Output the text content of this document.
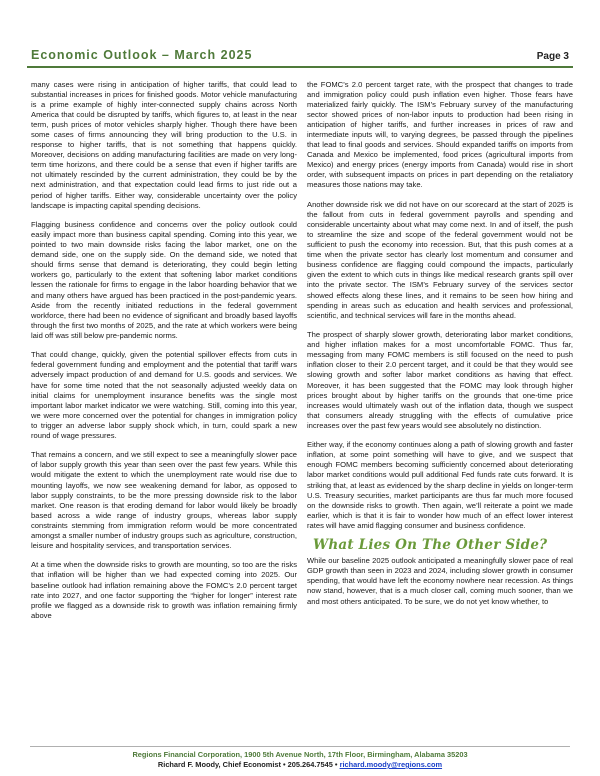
Economic Outlook – March 2025	Page 3

many cases were rising in anticipation of higher tariffs, that could lead to substantial increases in prices for finished goods. Motor vehicle manufacturing is a prime example of highly inter-connected supply chains across North America that could be disrupted by tariffs, which figures to, at least in the near term, push prices of motor vehicles sharply higher. Though there have been some cases of firms announcing they will bring production to the U.S. in response to higher tariffs, that is not something that happens quickly. Moreover, decisions on adding manufacturing facilities are made on very long-term time horizons, and there could be a sense that even if higher tariffs are not ultimately rescinded by the current administration, they could be by the next administration, and that expectation could lead firms to just ride out a period of higher tariffs. Either way, considerable uncertainty over the policy landscape is impacting capital spending decisions.

Flagging business confidence and concerns over the policy outlook could easily impact more than business capital spending. Coming into this year, we pointed to two main downside risks facing the labor market, one on the demand side, one on the supply side. On the demand side, we noted that should firms sense that demand is deteriorating, they could begin letting workers go, particularly to the extent that softening labor market conditions lessen the rationale for firms to engage in the labor hoarding behavior that we and many others have argued has been practiced in the post-pandemic years. Aside from the recently initiated reductions in the federal government workforce, there had been no evidence of significant and broadly based layoffs through the first two months of 2025, and the rate at which workers were being laid off was still below pre-pandemic norms.

That could change, quickly, given the potential spillover effects from cuts in federal government funding and employment and the potential that tariff wars adversely impact production of and demand for U.S. goods and services. We have for some time noted that the not seasonally adjusted weekly data on initial claims for unemployment insurance benefits was the single most important labor market indicator we were watching. Still, coming into this year, we were more concerned over the potential for changes in immigration policy to trigger an adverse labor supply shock which, in turn, could spark a new round of wage pressures.

That remains a concern, and we still expect to see a meaningfully slower pace of labor supply growth this year than seen over the past few years. While this would mitigate the extent to which the unemployment rate would rise due to mounting layoffs, we now see weakening demand for labor, as opposed to labor supply constraints, to be the more pressing downside risk to the labor market. One reason is that eroding demand for labor would likely be broadly based across a wide range of industry groups, whereas labor supply constraints stemming from immigration reform would be more concentrated amongst a smaller number of industry groups such as agriculture, construction, leisure and hospitality services, and transportation services.

At a time when the downside risks to growth are mounting, so too are the risks that inflation will be higher than we had expected coming into 2025. Our baseline outlook had inflation remaining above the FOMC’s 2.0 percent target rate into 2027, and one factor supporting the “higher for longer” interest rate profile we flagged as a downside risk to growth was inflation remaining firmly above

the FOMC’s 2.0 percent target rate, with the prospect that changes to trade and immigration policy could push inflation even higher. Those fears have materialized fairly quickly. The ISM’s February survey of the manufacturing sector showed prices of non-labor inputs to production had been rising in anticipation of higher tariffs, and further increases in prices of raw and intermediate inputs will, to varying degrees, be passed through the pipelines that lead to final goods and services. Should expanded tariffs on imports from Canada and Mexico be implemented, food prices (agricultural imports from Mexico) and energy prices (energy imports from Canada) would rise in short order, with subsequent impacts on prices in part depending on the retaliatory measures those nations may take.

Another downside risk we did not have on our scorecard at the start of 2025 is the fallout from cuts in federal government payrolls and spending and considerable uncertainty about what may come next. In and of itself, the push to streamline the size and scope of the federal government would not be sufficient to push the economy into recession. But, that this push comes at a time when the private sector has clearly lost momentum and consumer and business confidence are flagging could compound the impacts, particularly given the extent to which cuts in things like medical research grants spill over into the private sector. The ISM’s February survey of the services sector showed effects along these lines, and it remains to be seen how hiring and spending in areas such as education and health services and professional, scientific, and technical services will fare in the months ahead.

The prospect of sharply slower growth, deteriorating labor market conditions, and higher inflation makes for a most uncomfortable FOMC. Thus far, messaging from many FOMC members is still focused on the need to push inflation closer to their 2.0 percent target, and it could be that they would see slowing growth and softer labor market conditions as having that effect. Moreover, it has been suggested that the FOMC may look through higher prices brought about by higher tariffs on the grounds that one-time price increases would ultimately wash out of the inflation data, though we suspect that consumers already struggling with the effects of cumulative price increases over the past few years would see absolutely no distinction.

Either way, if the economy continues along a path of slowing growth and faster inflation, at some point something will have to give, and we suspect that enough FOMC members becoming sufficiently concerned about deteriorating labor market conditions would pull additional Fed funds rate cuts forward. It is striking that, at least as evidenced by the sharp decline in yields on longer-term U.S. Treasury securities, market participants are thus far much more focused on the downside risks to growth. Then again, we’ll reiterate a point we made earlier, which is that it is fair to wonder how much of an effect lower interest rates will have amid flagging consumer and business confidence.

What Lies On The Other Side?

While our baseline 2025 outlook anticipated a meaningfully slower pace of real GDP growth than seen in 2023 and 2024, including slower growth in consumer spending, that would have left the economy nowhere near recession. As things now stand, however, that is a much closer call, coming much sooner, than we and most others anticipated. To be sure, we do not yet know whether, to

Regions Financial Corporation, 1900 5th Avenue North, 17th Floor, Birmingham, Alabama 35203
Richard F. Moody, Chief Economist • 205.264.7545 • richard.moody@regions.com
